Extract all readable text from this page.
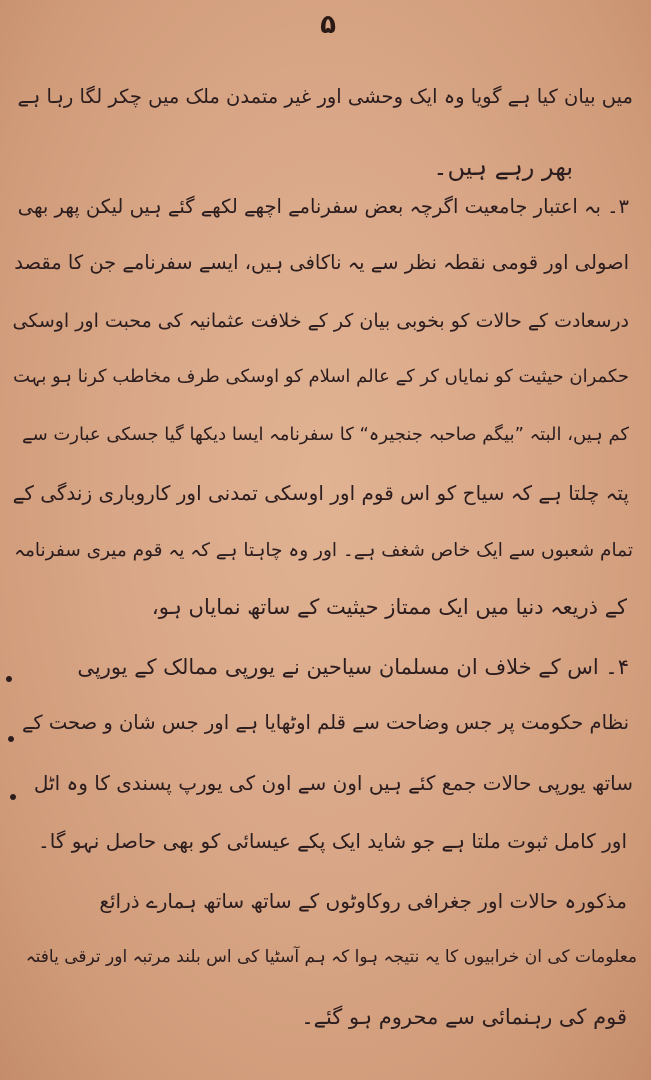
۵
میں بیان کیا ہے گویا وہ ایک وحشی اور غیر متمدن ملک میں چکر لگا رہا ہے
بھر رہے ہیں۔
۳۔ بہ اعتبار جامعیت اگرچہ بعض سفرنامے اچھے لکھے گئے ہیں لیکن پھر بھی
اصولی اور قومی نقطہ نظر سے یہ ناکافی ہیں، ایسے سفرنامے جن کا مقصد
درسعادت کے حالات کو بخوبی بیان کر کے خلافت عثمانیہ کی محبت اور اوسکی
حکمران حیثیت کو نمایاں کر کے عالم اسلام کو اوسکی طرف مخاطب کرنا ہو بہت
کم ہیں، البتہ ”بیگم صاحبہ جنجیرہ“ کا سفرنامہ ایسا دیکھا گیا جسکی عبارت سے
پتہ چلتا ہے کہ سیاح کو اس قوم اور اوسکی تمدنی اور کاروباری زندگی کے
تمام شعبوں سے ایک خاص شغف ہے۔ اور وہ چاہتا ہے کہ یہ قوم میری سفرنامہ
کے ذریعہ دنیا میں ایک ممتاز حیثیت کے ساتھ نمایاں ہو،
۴۔ اس کے خلاف ان مسلمان سیاحین نے یورپی ممالک کے یورپی
نظام حکومت پر جس وضاحت سے قلم اوٹھایا ہے اور جس شان و صحت کے
ساتھ یورپی حالات جمع کئے ہیں اون سے اون کی یورپ پسندی کا وہ اٹل
اور کامل ثبوت ملتا ہے جو شاید ایک پکے عیسائی کو بھی حاصل نہو گا۔
مذکورہ حالات اور جغرافی روکاوٹوں کے ساتھ ساتھ ہمارے ذرائع
معلومات کی ان خرابیوں کا یہ نتیجہ ہوا کہ ہم آسٹیا کی اس بلند مرتبہ اور ترقی یافتہ
قوم کی رہنمائی سے محروم ہو گئے۔
